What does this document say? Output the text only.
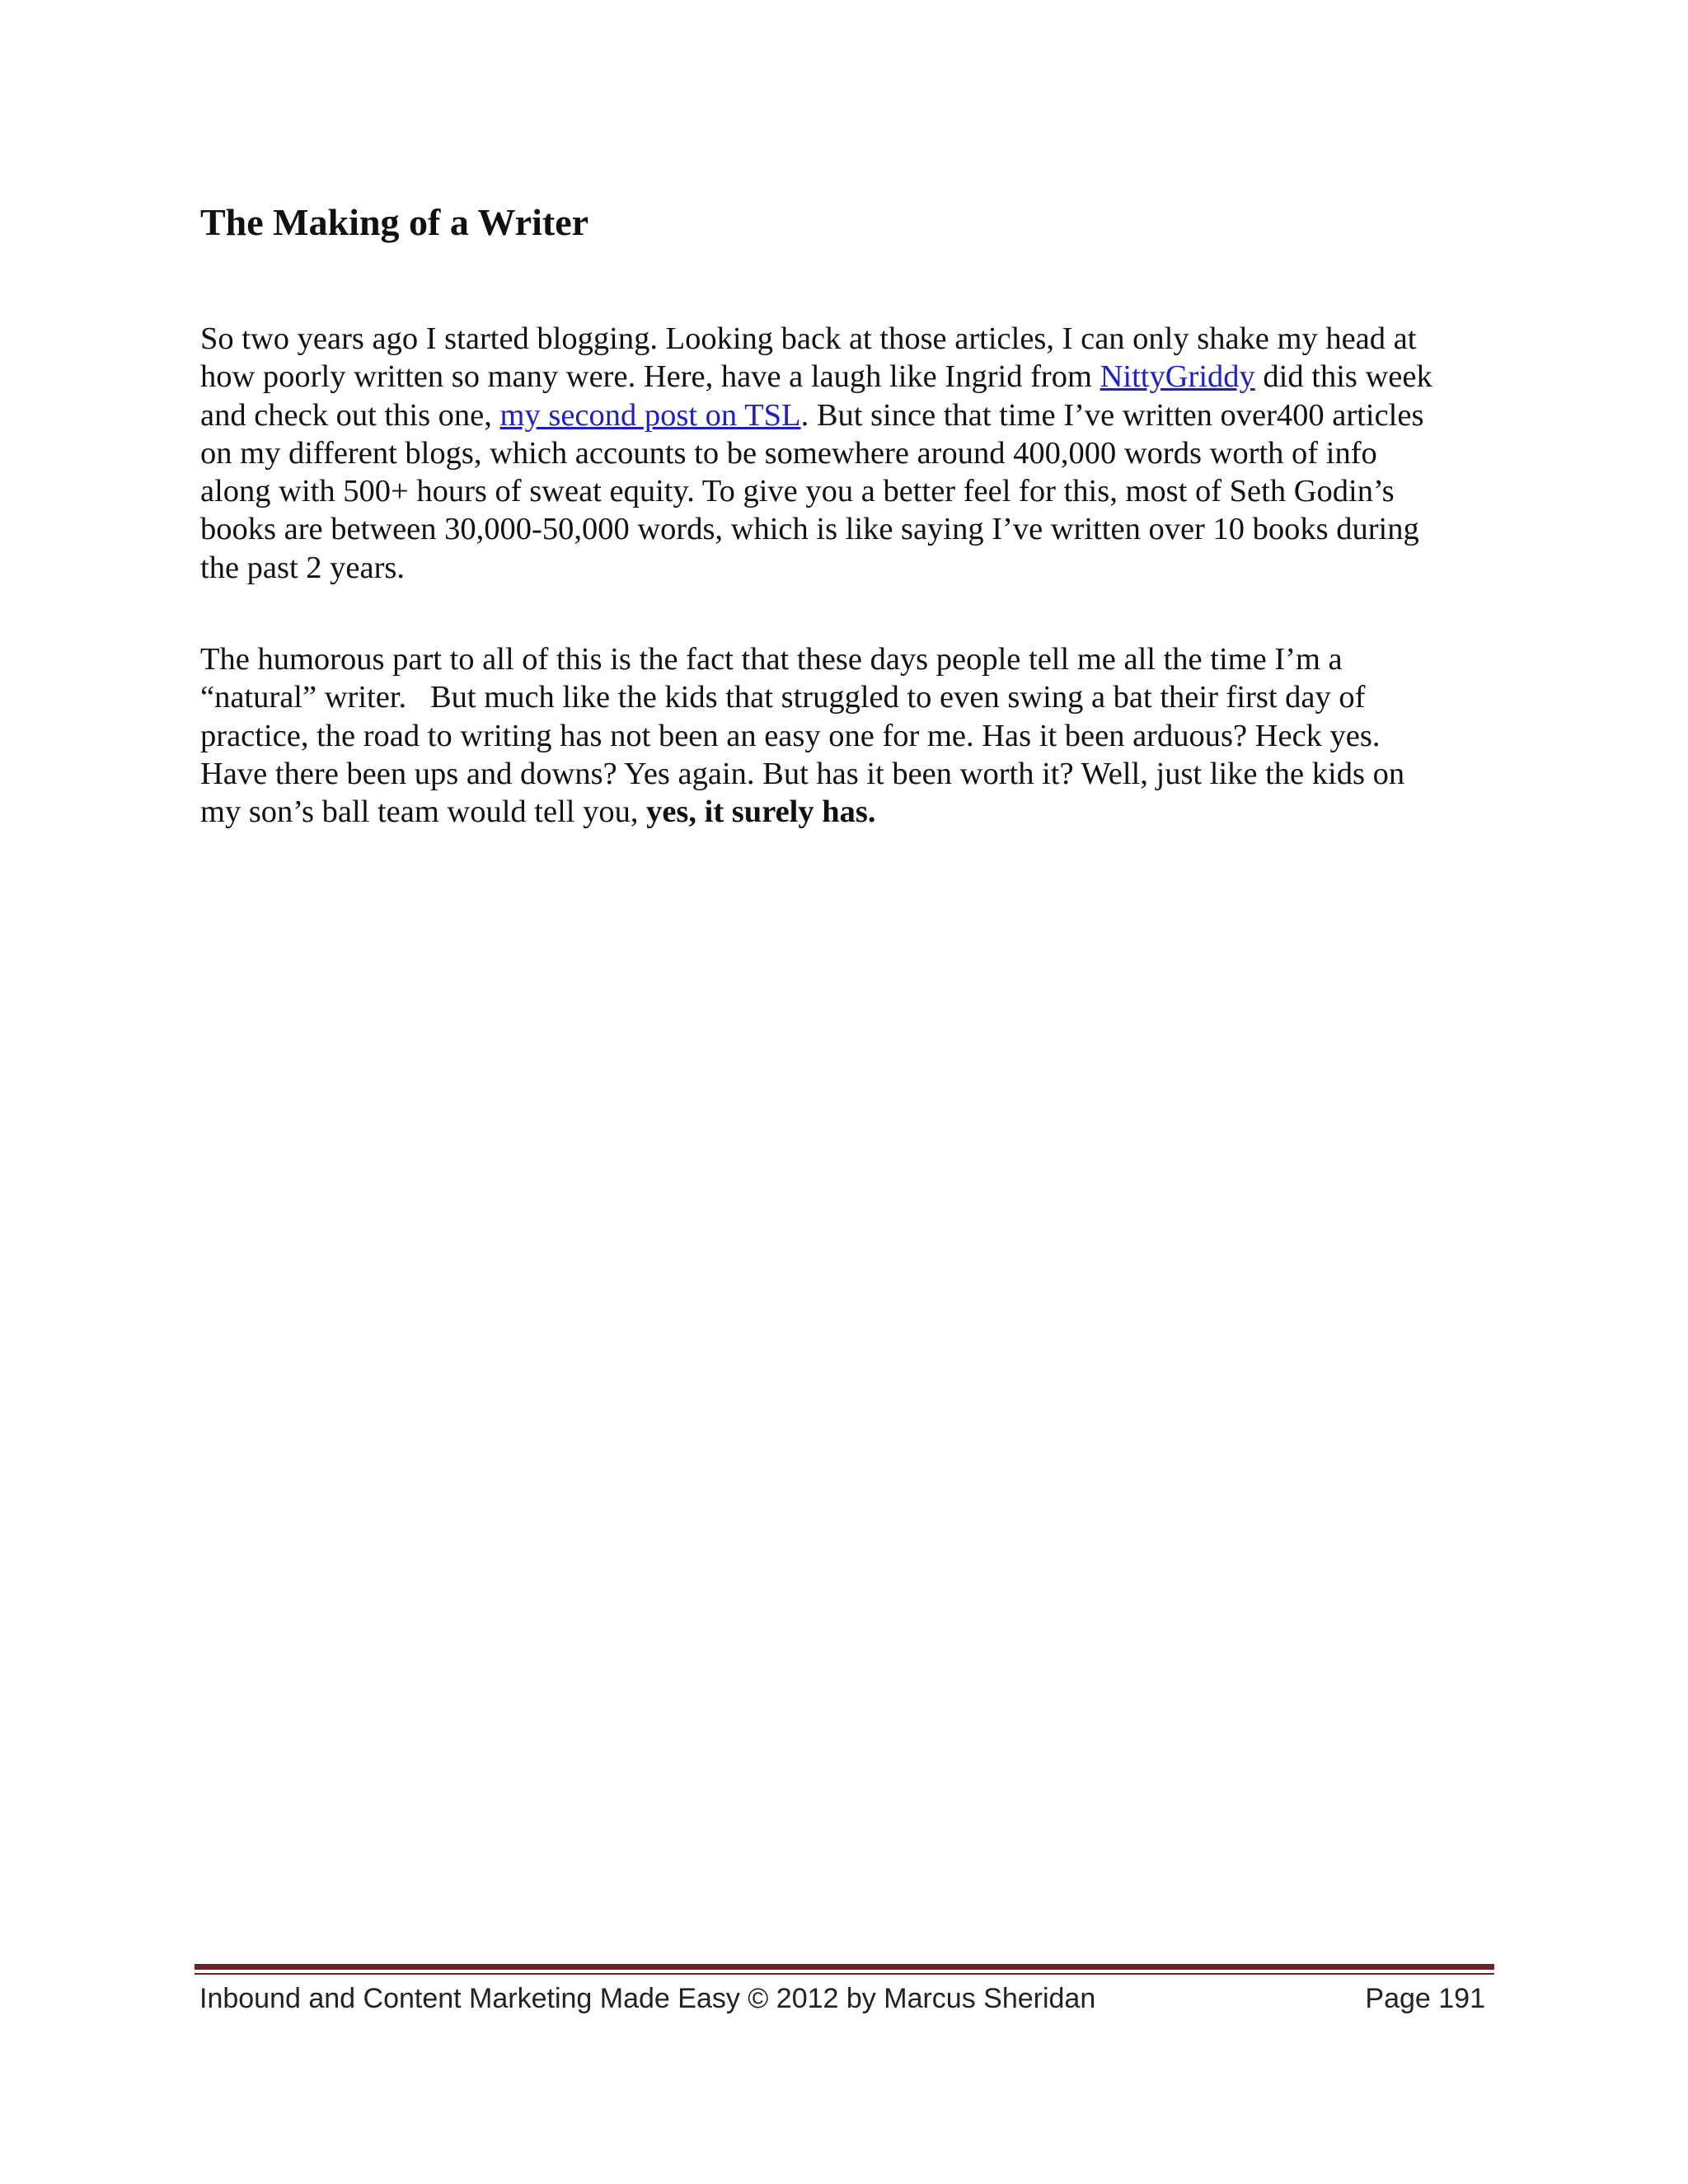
The Making of a Writer

So two years ago I started blogging. Looking back at those articles, I can only shake my head at
how poorly written so many were. Here, have a laugh like Ingrid from NittyGriddy did this week
and check out this one, my second post on TSL. But since that time I’ve written over400 articles
on my different blogs, which accounts to be somewhere around 400,000 words worth of info
along with 500+ hours of sweat equity. To give you a better feel for this, most of Seth Godin’s
books are between 30,000-50,000 words, which is like saying I’ve written over 10 books during
the past 2 years.

The humorous part to all of this is the fact that these days people tell me all the time I’m a
“natural” writer.   But much like the kids that struggled to even swing a bat their first day of
practice, the road to writing has not been an easy one for me. Has it been arduous? Heck yes.
Have there been ups and downs? Yes again. But has it been worth it? Well, just like the kids on
my son’s ball team would tell you, yes, it surely has.

Inbound and Content Marketing Made Easy © 2012 by Marcus Sheridan	Page 191
